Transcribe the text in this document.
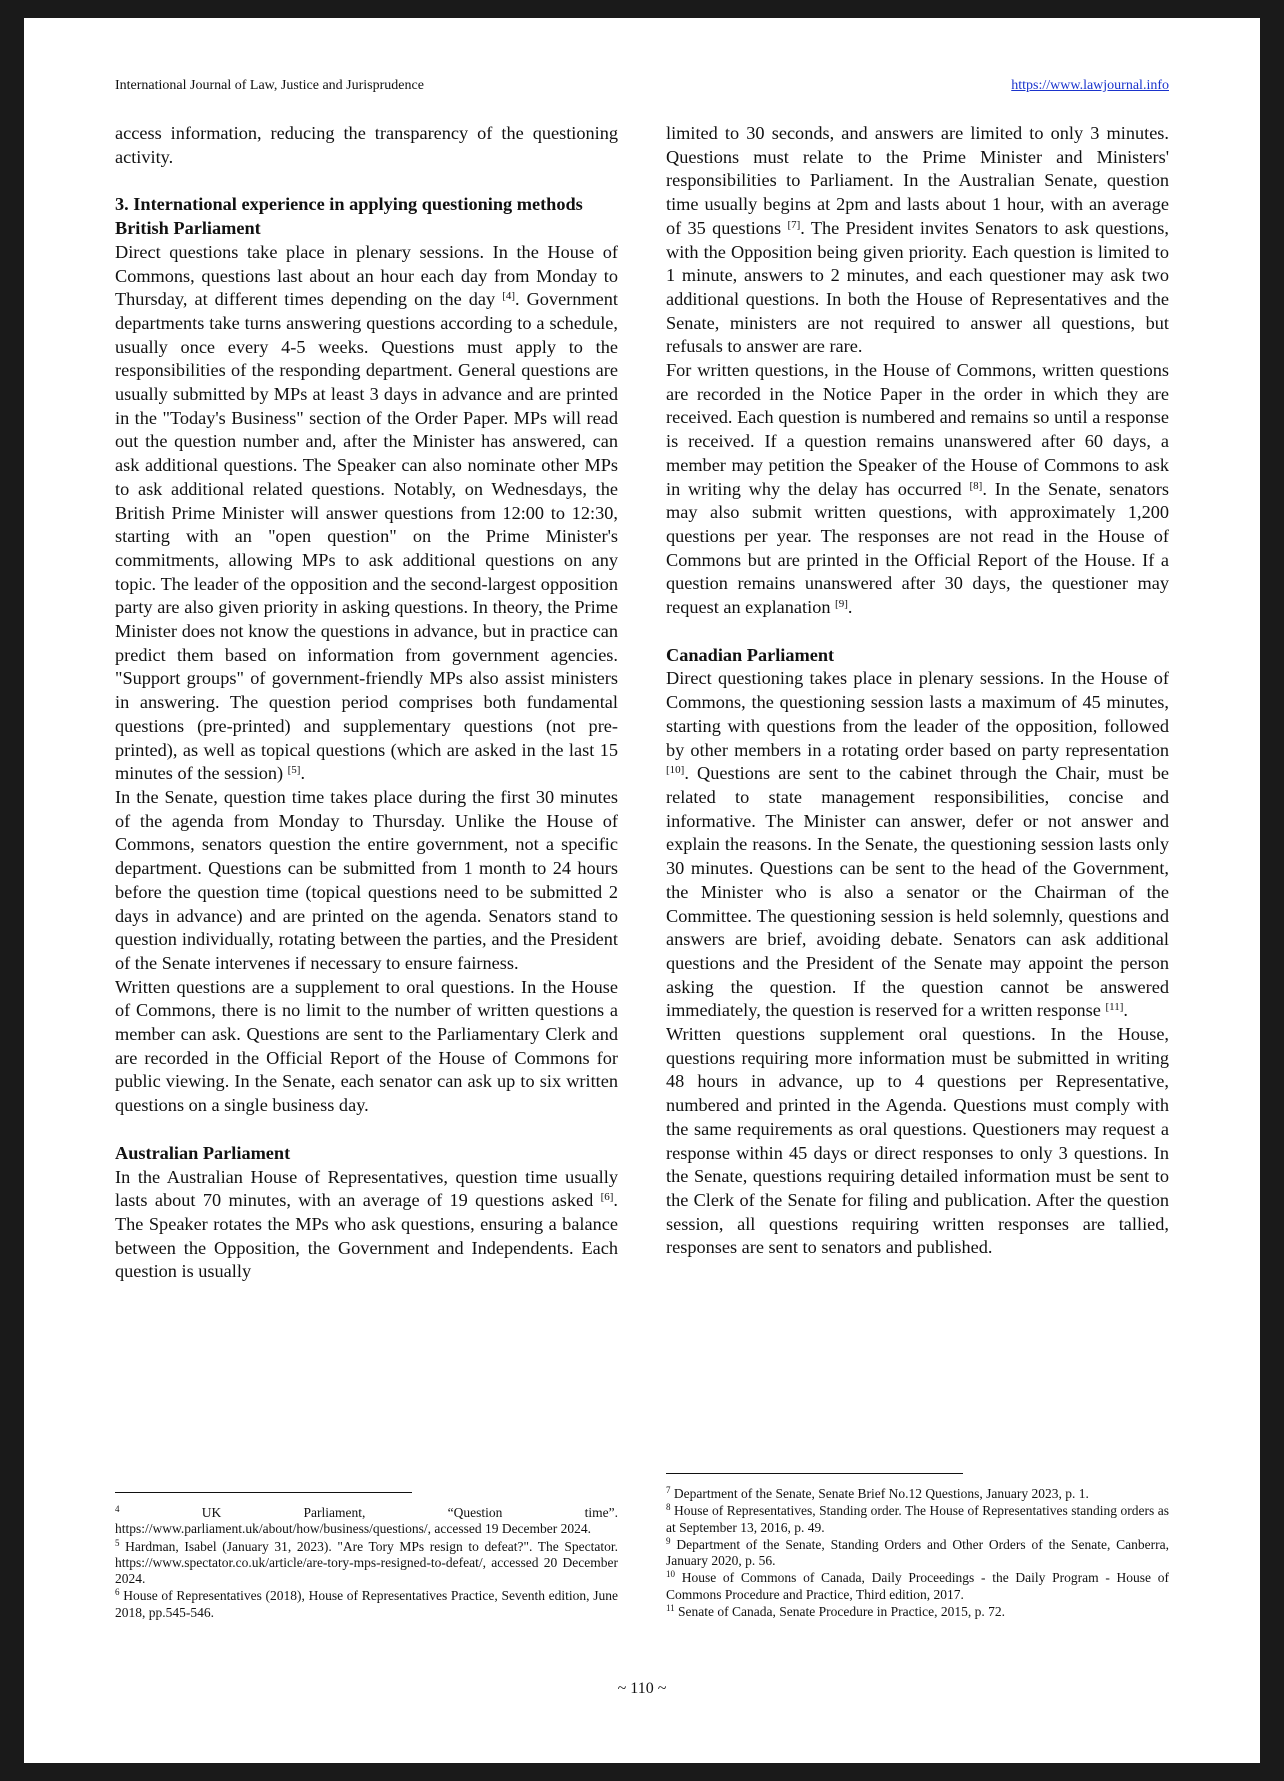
International Journal of Law, Justice and Jurisprudence	https://www.lawjournal.info

access information, reducing the transparency of the questioning activity.

3. International experience in applying questioning methods
British Parliament

Direct questions take place in plenary sessions. In the House of Commons, questions last about an hour each day from Monday to Thursday, at different times depending on the day [4]. Government departments take turns answering questions according to a schedule, usually once every 4-5 weeks. Questions must apply to the responsibilities of the responding department. General questions are usually submitted by MPs at least 3 days in advance and are printed in the "Today's Business" section of the Order Paper. MPs will read out the question number and, after the Minister has answered, can ask additional questions. The Speaker can also nominate other MPs to ask additional related questions. Notably, on Wednesdays, the British Prime Minister will answer questions from 12:00 to 12:30, starting with an "open question" on the Prime Minister's commitments, allowing MPs to ask additional questions on any topic. The leader of the opposition and the second-largest opposition party are also given priority in asking questions. In theory, the Prime Minister does not know the questions in advance, but in practice can predict them based on information from government agencies. "Support groups" of government-friendly MPs also assist ministers in answering. The question period comprises both fundamental questions (pre-printed) and supplementary questions (not pre-printed), as well as topical questions (which are asked in the last 15 minutes of the session) [5].

In the Senate, question time takes place during the first 30 minutes of the agenda from Monday to Thursday. Unlike the House of Commons, senators question the entire government, not a specific department. Questions can be submitted from 1 month to 24 hours before the question time (topical questions need to be submitted 2 days in advance) and are printed on the agenda. Senators stand to question individually, rotating between the parties, and the President of the Senate intervenes if necessary to ensure fairness.

Written questions are a supplement to oral questions. In the House of Commons, there is no limit to the number of written questions a member can ask. Questions are sent to the Parliamentary Clerk and are recorded in the Official Report of the House of Commons for public viewing. In the Senate, each senator can ask up to six written questions on a single business day.

Australian Parliament

In the Australian House of Representatives, question time usually lasts about 70 minutes, with an average of 19 questions asked [6]. The Speaker rotates the MPs who ask questions, ensuring a balance between the Opposition, the Government and Independents. Each question is usually

limited to 30 seconds, and answers are limited to only 3 minutes. Questions must relate to the Prime Minister and Ministers' responsibilities to Parliament. In the Australian Senate, question time usually begins at 2pm and lasts about 1 hour, with an average of 35 questions [7]. The President invites Senators to ask questions, with the Opposition being given priority. Each question is limited to 1 minute, answers to 2 minutes, and each questioner may ask two additional questions. In both the House of Representatives and the Senate, ministers are not required to answer all questions, but refusals to answer are rare.

For written questions, in the House of Commons, written questions are recorded in the Notice Paper in the order in which they are received. Each question is numbered and remains so until a response is received. If a question remains unanswered after 60 days, a member may petition the Speaker of the House of Commons to ask in writing why the delay has occurred [8]. In the Senate, senators may also submit written questions, with approximately 1,200 questions per year. The responses are not read in the House of Commons but are printed in the Official Report of the House. If a question remains unanswered after 30 days, the questioner may request an explanation [9].

Canadian Parliament

Direct questioning takes place in plenary sessions. In the House of Commons, the questioning session lasts a maximum of 45 minutes, starting with questions from the leader of the opposition, followed by other members in a rotating order based on party representation [10]. Questions are sent to the cabinet through the Chair, must be related to state management responsibilities, concise and informative. The Minister can answer, defer or not answer and explain the reasons. In the Senate, the questioning session lasts only 30 minutes. Questions can be sent to the head of the Government, the Minister who is also a senator or the Chairman of the Committee. The questioning session is held solemnly, questions and answers are brief, avoiding debate. Senators can ask additional questions and the President of the Senate may appoint the person asking the question. If the question cannot be answered immediately, the question is reserved for a written response [11].

Written questions supplement oral questions. In the House, questions requiring more information must be submitted in writing 48 hours in advance, up to 4 questions per Representative, numbered and printed in the Agenda. Questions must comply with the same requirements as oral questions. Questioners may request a response within 45 days or direct responses to only 3 questions. In the Senate, questions requiring detailed information must be sent to the Clerk of the Senate for filing and publication. After the question session, all questions requiring written responses are tallied, responses are sent to senators and published.

$^4$	UK Parliament, “Question time”. https://www.parliament.uk/about/how/business/questions/, accessed 19 December 2024.

$^5$ Hardman, Isabel (January 31, 2023). "Are Tory MPs resign to defeat?". The Spectator. https://www.spectator.co.uk/article/are-tory-mps-resigned-to-defeat/, accessed 20 December 2024.

$^6$ House of Representatives (2018), House of Representatives Practice, Seventh edition, June 2018, pp.545-546.

$^7$ Department of the Senate, Senate Brief No.12 Questions, January 2023, p. 1.

$^8$ House of Representatives, Standing order. The House of Representatives standing orders as at September 13, 2016, p. 49.

$^9$ Department of the Senate, Standing Orders and Other Orders of the Senate, Canberra, January 2020, p. 56.

$^{10}$ House of Commons of Canada, Daily Proceedings - the Daily Program - House of Commons Procedure and Practice, Third edition, 2017.

$^{11}$ Senate of Canada, Senate Procedure in Practice, 2015, p. 72.

~ 110 ~
